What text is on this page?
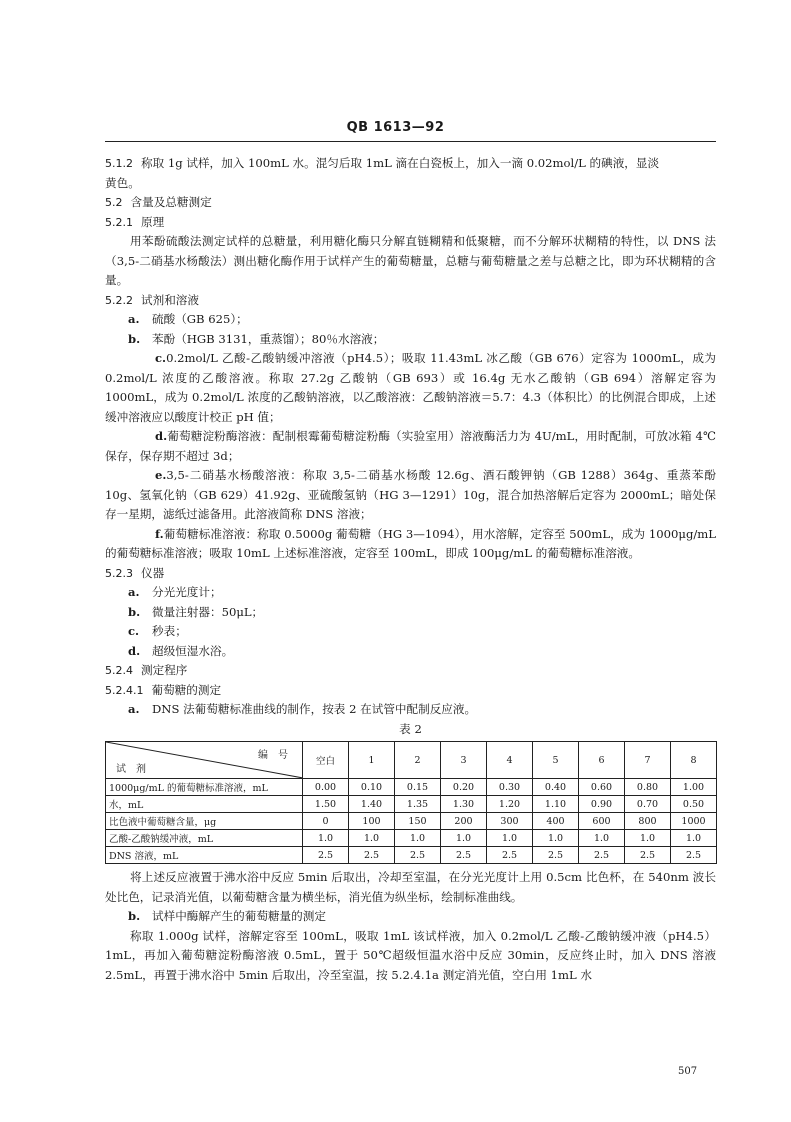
QB 1613—92

5.1.2 称取 1g 试样，加入 100mL 水。混匀后取 1mL 滴在白瓷板上，加入一滴 0.02mol/L 的碘液，显淡

黄色。

5.2 含量及总糖测定

5.2.1 原理

用苯酚硫酸法测定试样的总糖量，利用糖化酶只分解直链糊精和低聚糖，而不分解环状糊精的特性，以 DNS 法（3,5-二硝基水杨酸法）测出糖化酶作用于试样产生的葡萄糖量，总糖与葡萄糖量之差与总糖之比，即为环状糊精的含量。

5.2.2 试剂和溶液

a. 硫酸（GB 625）；

b. 苯酚（HGB 3131，重蒸馏）；80％水溶液；

c.0.2mol/L 乙酸-乙酸钠缓冲溶液（pH4.5）；吸取 11.43mL 冰乙酸（GB 676）定容为 1000mL，成为 0.2mol/L 浓度的乙酸溶液。称取 27.2g 乙酸钠（GB 693）或 16.4g 无水乙酸钠（GB 694）溶解定容为 1000mL，成为 0.2mol/L 浓度的乙酸钠溶液，以乙酸溶液：乙酸钠溶液＝5.7：4.3（体积比）的比例混合即成，上述缓冲溶液应以酸度计校正 pH 值；

d.葡萄糖淀粉酶溶液：配制根霉葡萄糖淀粉酶（实验室用）溶液酶活力为 4U/mL，用时配制，可放冰箱 4℃保存，保存期不超过 3d；

e.3,5-二硝基水杨酸溶液：称取 3,5-二硝基水杨酸 12.6g、酒石酸钾钠（GB 1288）364g、重蒸苯酚 10g、氢氧化钠（GB 629）41.92g、亚硫酸氢钠（HG 3—1291）10g，混合加热溶解后定容为 2000mL；暗处保存一星期，滤纸过滤备用。此溶液简称 DNS 溶液；

f.葡萄糖标准溶液：称取 0.5000g 葡萄糖（HG 3—1094），用水溶解，定容至 500mL，成为 1000μg/mL 的葡萄糖标准溶液；吸取 10mL 上述标准溶液，定容至 100mL，即成 100μg/mL 的葡萄糖标准溶液。

5.2.3 仪器

a. 分光光度计；

b. 微量注射器：50μL；

c. 秒表；

d. 超级恒湿水浴。

5.2.4 测定程序

5.2.4.1 葡萄糖的测定

a. DNS 法葡萄糖标准曲线的制作，按表 2 在试管中配制反应液。

表 2

编　号
试　剂	空白	1	2	3	4	5	6	7	8
1000μg/mL 的葡萄糖标准溶液，mL	0.00	0.10	0.15	0.20	0.30	0.40	0.60	0.80	1.00
水，mL	1.50	1.40	1.35	1.30	1.20	1.10	0.90	0.70	0.50
比色液中葡萄糖含量，μg	0	100	150	200	300	400	600	800	1000
乙酸-乙酸钠缓冲液，mL	1.0	1.0	1.0	1.0	1.0	1.0	1.0	1.0	1.0
DNS 溶液，mL	2.5	2.5	2.5	2.5	2.5	2.5	2.5	2.5	2.5

将上述反应液置于沸水浴中反应 5min 后取出，冷却至室温，在分光光度计上用 0.5cm 比色杯，在 540nm 波长处比色，记录消光值，以葡萄糖含量为横坐标，消光值为纵坐标，绘制标准曲线。

b. 试样中酶解产生的葡萄糖量的测定

称取 1.000g 试样，溶解定容至 100mL，吸取 1mL 该试样液，加入 0.2mol/L 乙酸-乙酸钠缓冲液（pH4.5）1mL，再加入葡萄糖淀粉酶溶液 0.5mL，置于 50℃超级恒温水浴中反应 30min，反应终止时，加入 DNS 溶液 2.5mL，再置于沸水浴中 5min 后取出，冷至室温，按 5.2.4.1a 测定消光值，空白用 1mL 水

507
